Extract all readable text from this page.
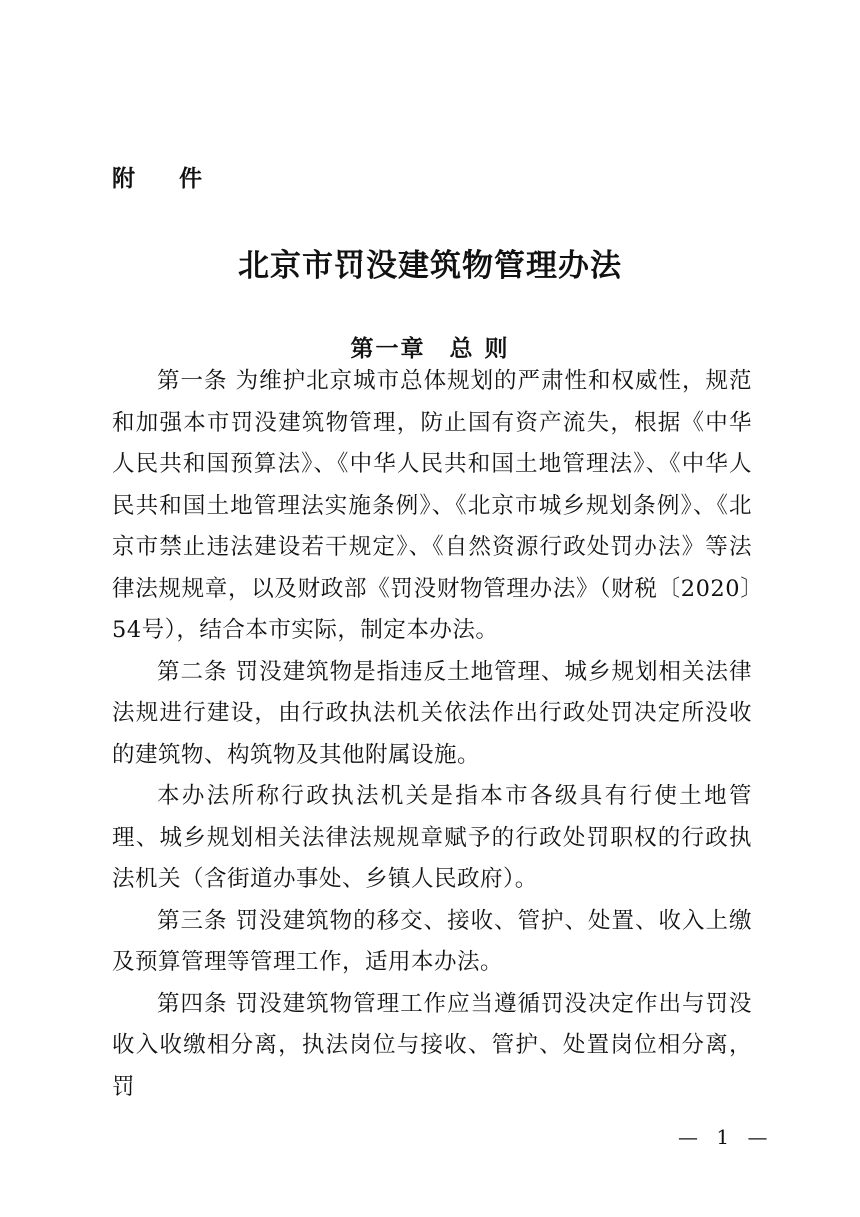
附 件
北京市罚没建筑物管理办法
第一章 总 则

第一条 为维护北京城市总体规划的严肃性和权威性，规范和加强本市罚没建筑物管理，防止国有资产流失，根据《中华人民共和国预算法》、《中华人民共和国土地管理法》、《中华人民共和国土地管理法实施条例》、《北京市城乡规划条例》、《北京市禁止违法建设若干规定》、《自然资源行政处罚办法》等法律法规规章，以及财政部《罚没财物管理办法》（财税〔2020〕54号），结合本市实际，制定本办法。

第二条 罚没建筑物是指违反土地管理、城乡规划相关法律法规进行建设，由行政执法机关依法作出行政处罚决定所没收的建筑物、构筑物及其他附属设施。

本办法所称行政执法机关是指本市各级具有行使土地管理、城乡规划相关法律法规规章赋予的行政处罚职权的行政执法机关（含街道办事处、乡镇人民政府）。

第三条 罚没建筑物的移交、接收、管护、处置、收入上缴及预算管理等管理工作，适用本办法。

第四条 罚没建筑物管理工作应当遵循罚没决定作出与罚没收入收缴相分离，执法岗位与接收、管护、处置岗位相分离，罚

— 1 —
